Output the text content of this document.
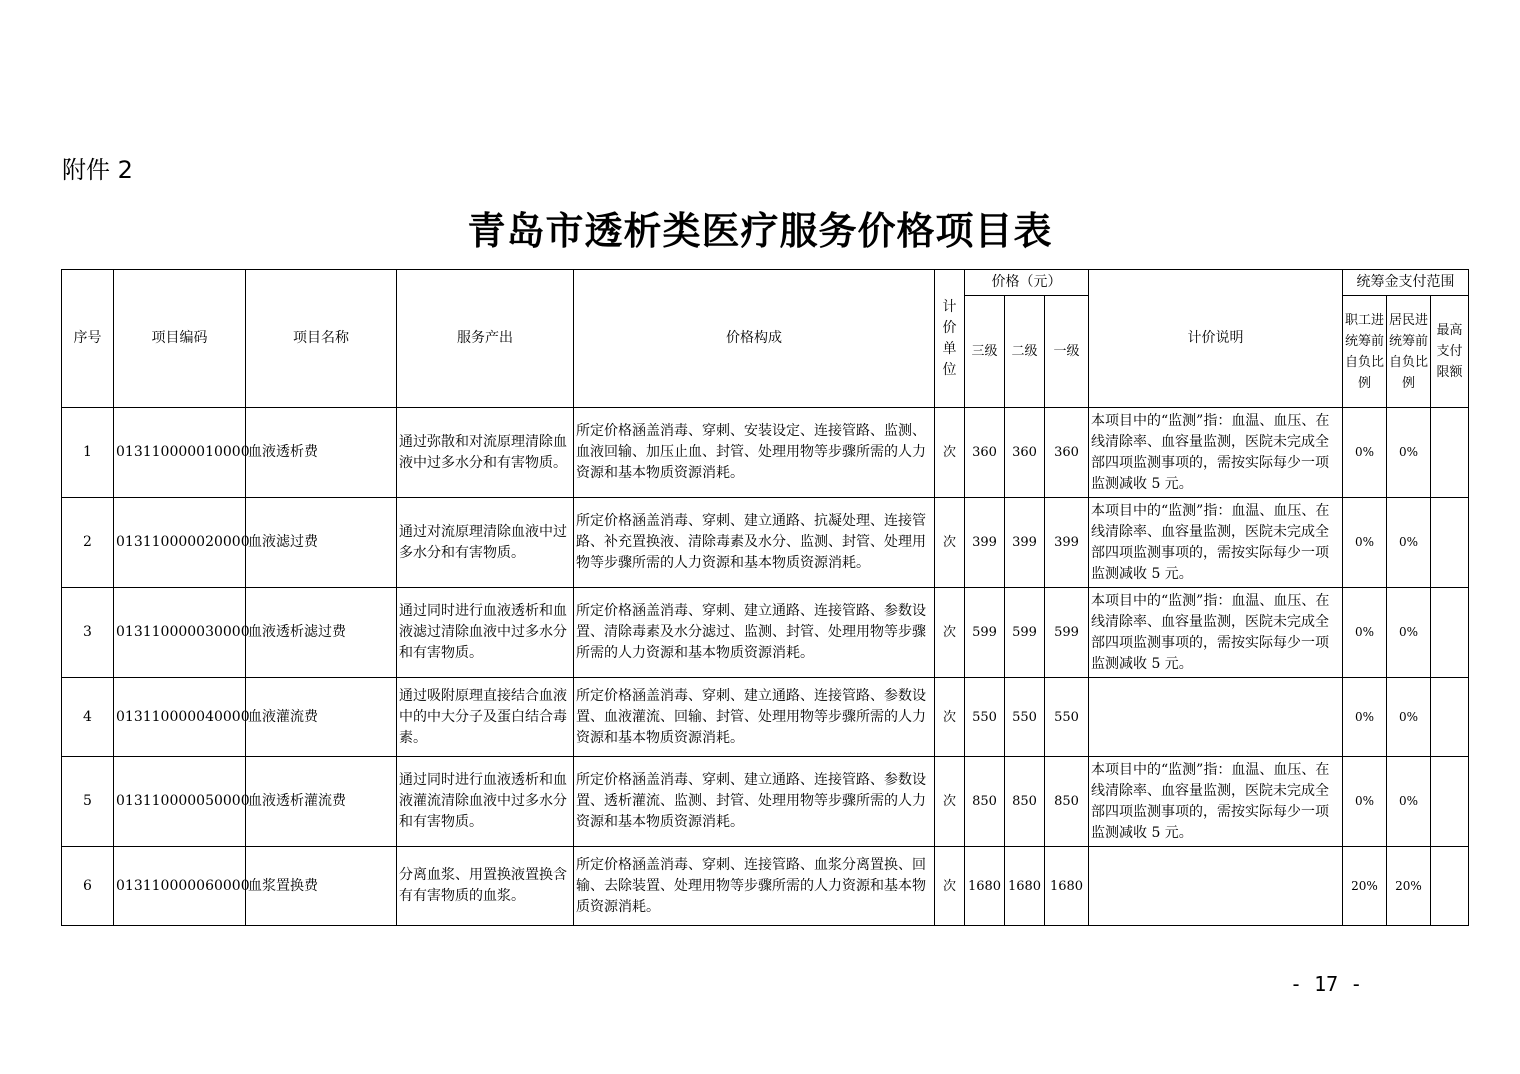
附件 2
青岛市透析类医疗服务价格项目表
序号	项目编码	项目名称	服务产出	价格构成	计价单位	价格（元）			计价说明	统筹金支付范围		
						三级	二级	一级		职工进统筹前自负比例	居民进统筹前自负比例	最高支付限额
1	013110000010000	血液透析费	通过弥散和对流原理清除血液中过多水分和有害物质。	所定价格涵盖消毒、穿刺、安装设定、连接管路、监测、血液回输、加压止血、封管、处理用物等步骤所需的人力资源和基本物质资源消耗。	次	360	360	360	本项目中的“监测”指：血温、血压、在线清除率、血容量监测，医院未完成全部四项监测事项的，需按实际每少一项监测减收 5 元。	0%	0%	
2	013110000020000	血液滤过费	通过对流原理清除血液中过多水分和有害物质。	所定价格涵盖消毒、穿刺、建立通路、抗凝处理、连接管路、补充置换液、清除毒素及水分、监测、封管、处理用物等步骤所需的人力资源和基本物质资源消耗。	次	399	399	399	本项目中的“监测”指：血温、血压、在线清除率、血容量监测，医院未完成全部四项监测事项的，需按实际每少一项监测减收 5 元。	0%	0%	
3	013110000030000	血液透析滤过费	通过同时进行血液透析和血液滤过清除血液中过多水分和有害物质。	所定价格涵盖消毒、穿刺、建立通路、连接管路、参数设置、清除毒素及水分滤过、监测、封管、处理用物等步骤所需的人力资源和基本物质资源消耗。	次	599	599	599	本项目中的“监测”指：血温、血压、在线清除率、血容量监测，医院未完成全部四项监测事项的，需按实际每少一项监测减收 5 元。	0%	0%	
4	013110000040000	血液灌流费	通过吸附原理直接结合血液中的中大分子及蛋白结合毒素。	所定价格涵盖消毒、穿刺、建立通路、连接管路、参数设置、血液灌流、回输、封管、处理用物等步骤所需的人力资源和基本物质资源消耗。	次	550	550	550		0%	0%	
5	013110000050000	血液透析灌流费	通过同时进行血液透析和血液灌流清除血液中过多水分和有害物质。	所定价格涵盖消毒、穿刺、建立通路、连接管路、参数设置、透析灌流、监测、封管、处理用物等步骤所需的人力资源和基本物质资源消耗。	次	850	850	850	本项目中的“监测”指：血温、血压、在线清除率、血容量监测，医院未完成全部四项监测事项的，需按实际每少一项监测减收 5 元。	0%	0%	
6	013110000060000	血浆置换费	分离血浆、用置换液置换含有有害物质的血浆。	所定价格涵盖消毒、穿刺、连接管路、血浆分离置换、回输、去除装置、处理用物等步骤所需的人力资源和基本物质资源消耗。	次	1680	1680	1680		20%	20%	
- 17 -
